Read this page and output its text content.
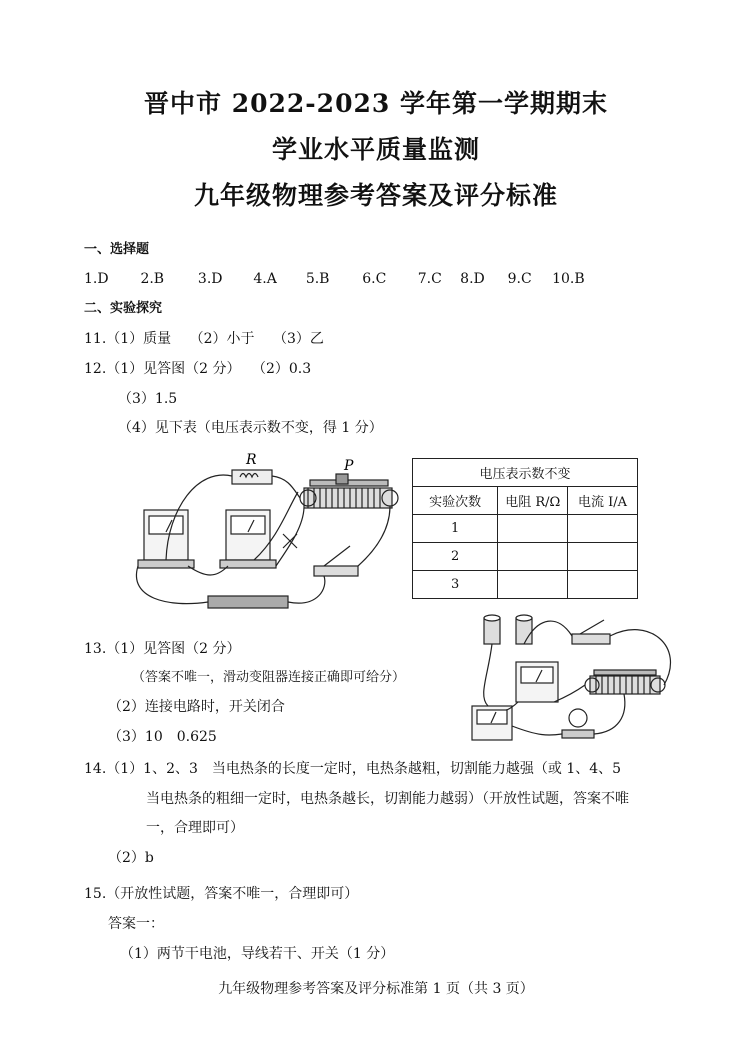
晋中市 2022-2023 学年第一学期期末
学业水平质量监测
九年级物理参考答案及评分标准
一、选择题
1.D 2.B 3.D 4.A 5.B 6.C 7.C 8.D 9.C 10.B
二、实验探究
11.（1）质量　 （2）小于　 （3）乙
12.（1）见答图（2 分）　 （2）0.3
（3）1.5
（4）见下表（电压表示数不变，得 1 分）
R	P
电压表示数不变		
实验次数	电阻 R/Ω	电流 I/A
1		
2		
3		
13.（1）见答图（2 分）
（答案不唯一，滑动变阻器连接正确即可给分）
（2）连接电路时，开关闭合
（3）10　0.625
14.（1）1、2、3　当电热条的长度一定时，电热条越粗，切割能力越强（或 1、4、5
当电热条的粗细一定时，电热条越长，切割能力越弱）（开放性试题，答案不唯
一，合理即可）
（2）b
15.（开放性试题，答案不唯一，合理即可）
答案一：
（1）两节干电池，导线若干、开关（1 分）
九年级物理参考答案及评分标准第 1 页（共 3 页）
